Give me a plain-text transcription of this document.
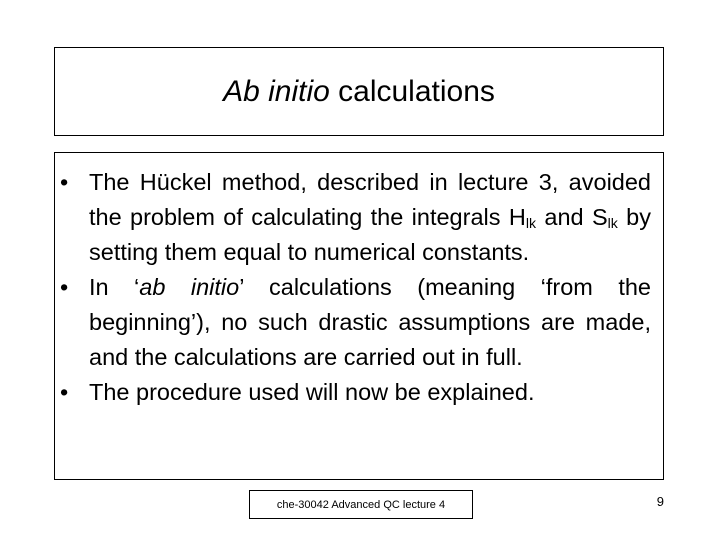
Ab initio calculations
• The Hückel method, described in lecture 3, avoided the problem of calculating the integrals $H_{lk}$ and $S_{lk}$ by setting them equal to numerical constants.
• In ‘ab initio’ calculations (meaning ‘from the beginning’), no such drastic assumptions are made, and the calculations are carried out in full.
• The procedure used will now be explained.
che-30042 Advanced QC lecture 4	9
